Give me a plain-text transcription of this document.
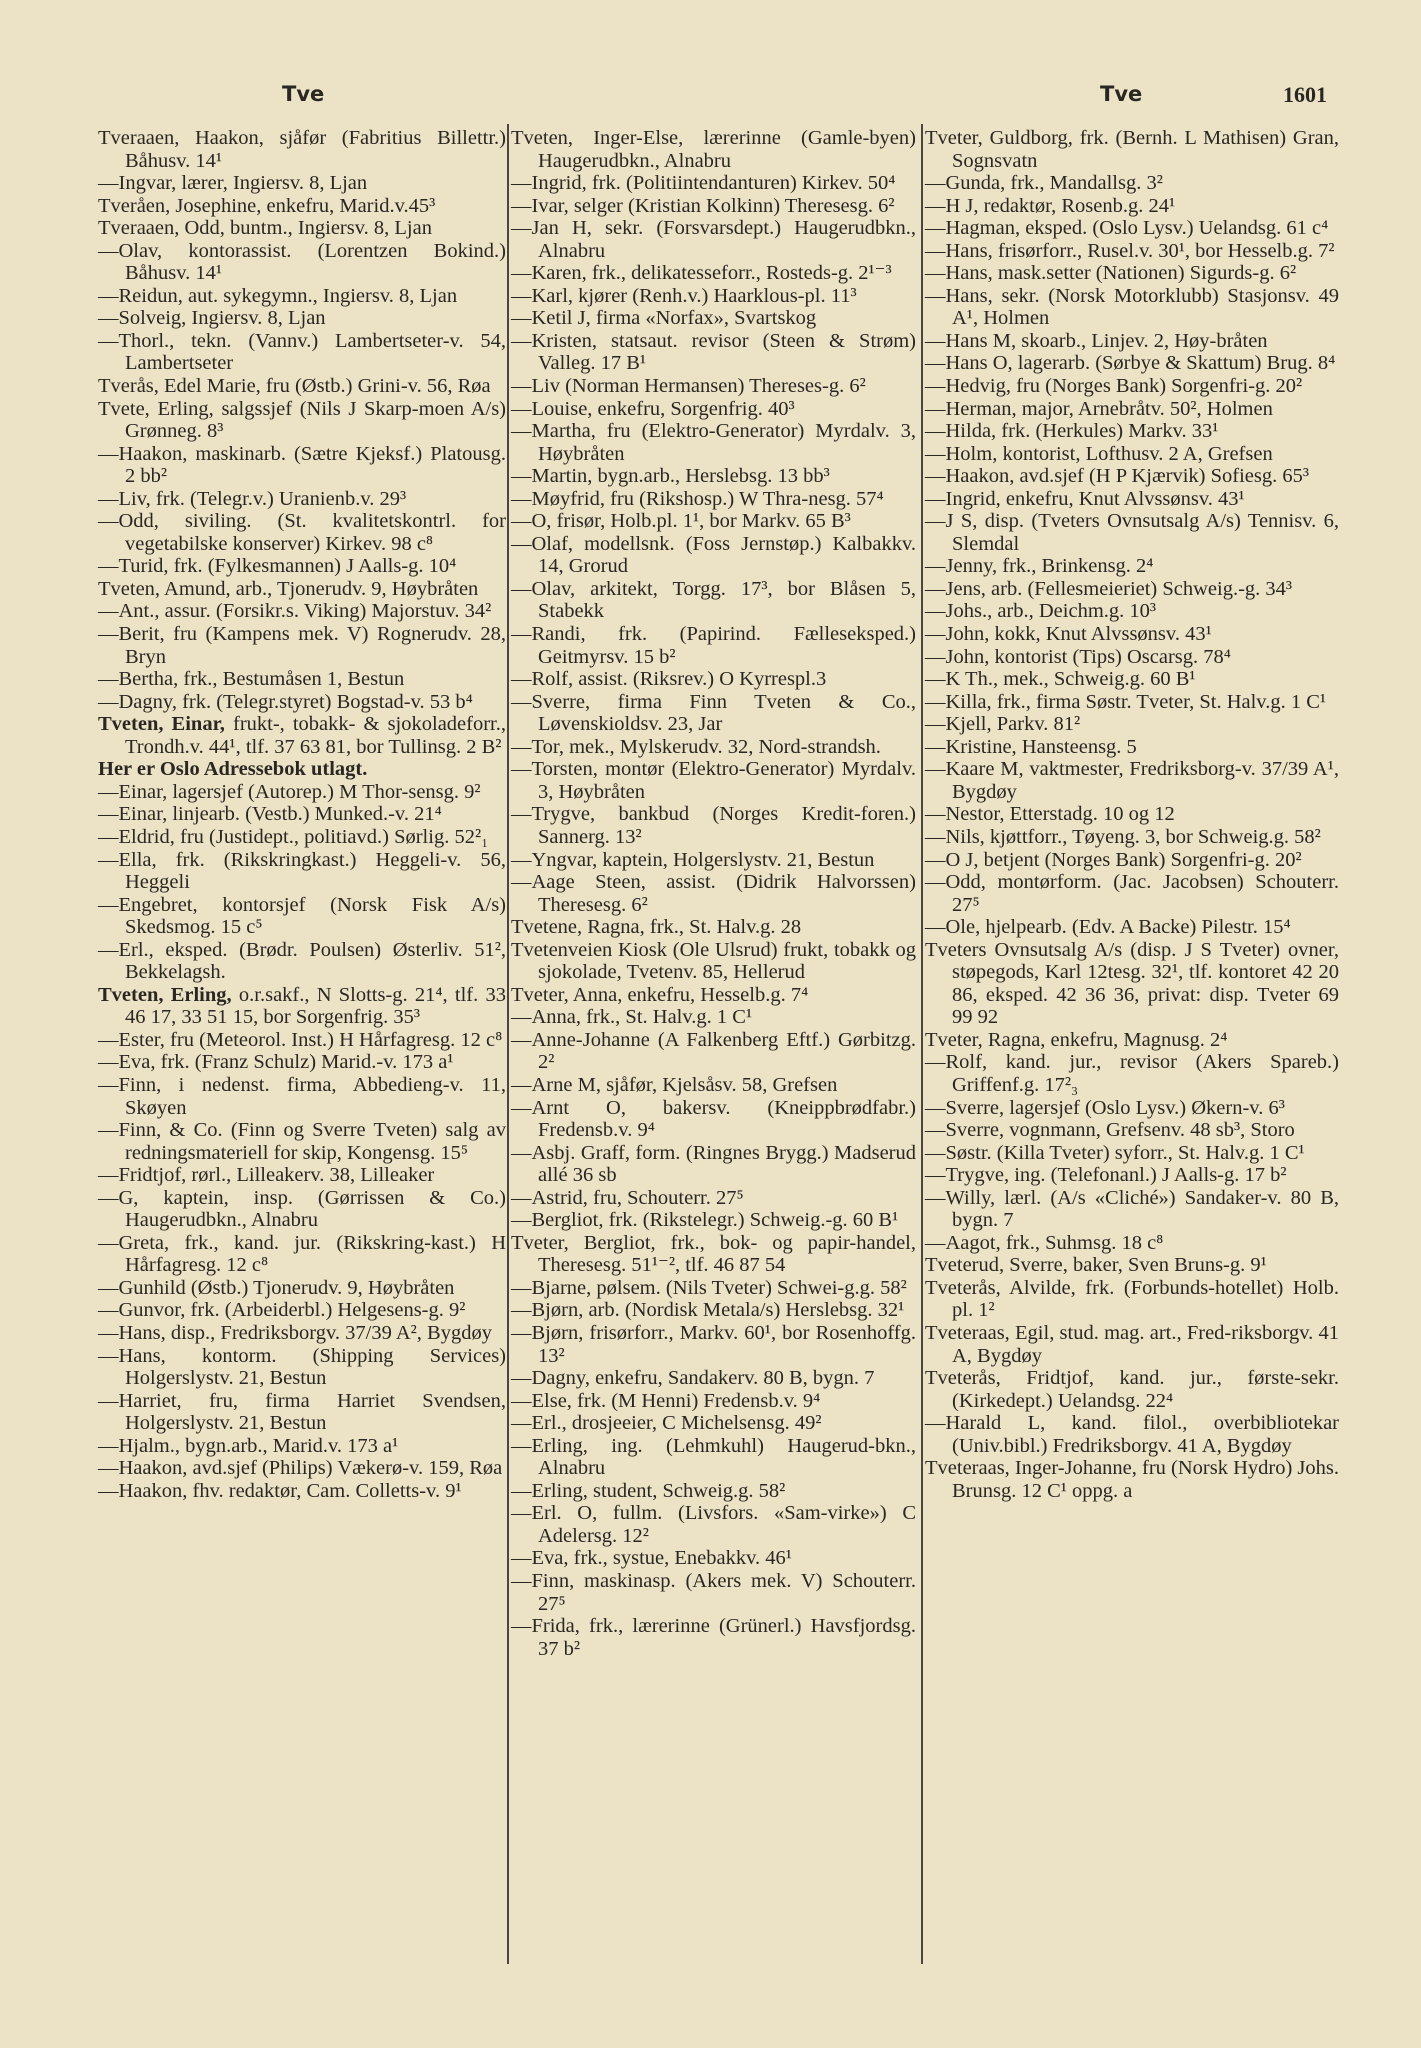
Tve	Tve	1601

Tveraaen, Haakon, sjåfør (Fabritius Billettr.) Båhusv. 14¹

—Ingvar, lærer, Ingiersv. 8, Ljan

Tveråen, Josephine, enkefru, Marid.v.45³

Tveraaen, Odd, buntm., Ingiersv. 8, Ljan

—Olav, kontorassist. (Lorentzen Bokind.) Båhusv. 14¹

—Reidun, aut. sykegymn., Ingiersv. 8, Ljan

—Solveig, Ingiersv. 8, Ljan

—Thorl., tekn. (Vannv.) Lambertseter-v. 54, Lambertseter

Tverås, Edel Marie, fru (Østb.) Grini-v. 56, Røa

Tvete, Erling, salgssjef (Nils J Skarp-moen A/s) Grønneg. 8³

—Haakon, maskinarb. (Sætre Kjeksf.) Platousg. 2 bb²

—Liv, frk. (Telegr.v.) Uranienb.v. 29³

—Odd, siviling. (St. kvalitetskontrl. for vegetabilske konserver) Kirkev. 98 c⁸

—Turid, frk. (Fylkesmannen) J Aalls-g. 10⁴

Tveten, Amund, arb., Tjonerudv. 9, Høybråten

—Ant., assur. (Forsikr.s. Viking) Majorstuv. 34²

—Berit, fru (Kampens mek. V) Rognerudv. 28, Bryn

—Bertha, frk., Bestumåsen 1, Bestun

—Dagny, frk. (Telegr.styret) Bogstad-v. 53 b⁴

Tveten, Einar, frukt-, tobakk- & sjokoladeforr., Trondh.v. 44¹, tlf. 37 63 81, bor Tullinsg. 2 B²

Her er Oslo Adressebok utlagt.

—Einar, lagersjef (Autorep.) M Thor-sensg. 9²

—Einar, linjearb. (Vestb.) Munked.-v. 21⁴

—Eldrid, fru (Justidept., politiavd.) Sørlig. 52²₁

—Ella, frk. (Rikskringkast.) Heggeli-v. 56, Heggeli

—Engebret, kontorsjef (Norsk Fisk A/s) Skedsmog. 15 c⁵

—Erl., eksped. (Brødr. Poulsen) Østerliv. 51², Bekkelagsh.

Tveten, Erling, o.r.sakf., N Slotts-g. 21⁴, tlf. 33 46 17, 33 51 15, bor Sorgenfrig. 35³

—Ester, fru (Meteorol. Inst.) H Hårfagresg. 12 c⁸

—Eva, frk. (Franz Schulz) Marid.-v. 173 a¹

—Finn, i nedenst. firma, Abbedieng-v. 11, Skøyen

—Finn, & Co. (Finn og Sverre Tveten) salg av redningsmateriell for skip, Kongensg. 15⁵

—Fridtjof, rørl., Lilleakerv. 38, Lilleaker

—G, kaptein, insp. (Gørrissen & Co.) Haugerudbkn., Alnabru

—Greta, frk., kand. jur. (Rikskring-kast.) H Hårfagresg. 12 c⁸

—Gunhild (Østb.) Tjonerudv. 9, Høybråten

—Gunvor, frk. (Arbeiderbl.) Helgesens-g. 9²

—Hans, disp., Fredriksborgv. 37/39 A², Bygdøy

—Hans, kontorm. (Shipping Services) Holgerslystv. 21, Bestun

—Harriet, fru, firma Harriet Svendsen, Holgerslystv. 21, Bestun

—Hjalm., bygn.arb., Marid.v. 173 a¹

—Haakon, avd.sjef (Philips) Vækerø-v. 159, Røa

—Haakon, fhv. redaktør, Cam. Colletts-v. 9¹

Tveten, Inger-Else, lærerinne (Gamle-byen) Haugerudbkn., Alnabru

—Ingrid, frk. (Politiintendanturen) Kirkev. 50⁴

—Ivar, selger (Kristian Kolkinn) Theresesg. 6²

—Jan H, sekr. (Forsvarsdept.) Haugerudbkn., Alnabru

—Karen, frk., delikatesseforr., Rosteds-g. 2¹⁻³

—Karl, kjører (Renh.v.) Haarklous-pl. 11³

—Ketil J, firma «Norfax», Svartskog

—Kristen, statsaut. revisor (Steen & Strøm) Valleg. 17 B¹

—Liv (Norman Hermansen) Thereses-g. 6²

—Louise, enkefru, Sorgenfrig. 40³

—Martha, fru (Elektro-Generator) Myrdalv. 3, Høybråten

—Martin, bygn.arb., Herslebsg. 13 bb³

—Møyfrid, fru (Rikshosp.) W Thra-nesg. 57⁴

—O, frisør, Holb.pl. 1¹, bor Markv. 65 B³

—Olaf, modellsnk. (Foss Jernstøp.) Kalbakkv. 14, Grorud

—Olav, arkitekt, Torgg. 17³, bor Blåsen 5, Stabekk

—Randi, frk. (Papirind. Fælleseksped.) Geitmyrsv. 15 b²

—Rolf, assist. (Riksrev.) O Kyrrespl.3

—Sverre, firma Finn Tveten & Co., Løvenskioldsv. 23, Jar

—Tor, mek., Mylskerudv. 32, Nord-strandsh.

—Torsten, montør (Elektro-Generator) Myrdalv. 3, Høybråten

—Trygve, bankbud (Norges Kredit-foren.) Sannerg. 13²

—Yngvar, kaptein, Holgerslystv. 21, Bestun

—Aage Steen, assist. (Didrik Halvorssen) Theresesg. 6²

Tvetene, Ragna, frk., St. Halv.g. 28

Tvetenveien Kiosk (Ole Ulsrud) frukt, tobakk og sjokolade, Tvetenv. 85, Hellerud

Tveter, Anna, enkefru, Hesselb.g. 7⁴

—Anna, frk., St. Halv.g. 1 C¹

—Anne-Johanne (A Falkenberg Eftf.) Gørbitzg. 2²

—Arne M, sjåfør, Kjelsåsv. 58, Grefsen

—Arnt O, bakersv. (Kneippbrødfabr.) Fredensb.v. 9⁴

—Asbj. Graff, form. (Ringnes Brygg.) Madserud allé 36 sb

—Astrid, fru, Schouterr. 27⁵

—Bergliot, frk. (Rikstelegr.) Schweig.-g. 60 B¹

Tveter, Bergliot, frk., bok- og papir-handel, Theresesg. 51¹⁻², tlf. 46 87 54

—Bjarne, pølsem. (Nils Tveter) Schwei-g.g. 58²

—Bjørn, arb. (Nordisk Metala/s) Herslebsg. 32¹

—Bjørn, frisørforr., Markv. 60¹, bor Rosenhoffg. 13²

—Dagny, enkefru, Sandakerv. 80 B, bygn. 7

—Else, frk. (M Henni) Fredensb.v. 9⁴

—Erl., drosjeeier, C Michelsensg. 49²

—Erling, ing. (Lehmkuhl) Haugerud-bkn., Alnabru

—Erling, student, Schweig.g. 58²

—Erl. O, fullm. (Livsfors. «Sam-virke») C Adelersg. 12²

—Eva, frk., systue, Enebakkv. 46¹

—Finn, maskinasp. (Akers mek. V) Schouterr. 27⁵

—Frida, frk., lærerinne (Grünerl.) Havsfjordsg. 37 b²

Tveter, Guldborg, frk. (Bernh. L Mathisen) Gran, Sognsvatn

—Gunda, frk., Mandallsg. 3²

—H J, redaktør, Rosenb.g. 24¹

—Hagman, eksped. (Oslo Lysv.) Uelandsg. 61 c⁴

—Hans, frisørforr., Rusel.v. 30¹, bor Hesselb.g. 7²

—Hans, mask.setter (Nationen) Sigurds-g. 6²

—Hans, sekr. (Norsk Motorklubb) Stasjonsv. 49 A¹, Holmen

—Hans M, skoarb., Linjev. 2, Høy-bråten

—Hans O, lagerarb. (Sørbye & Skattum) Brug. 8⁴

—Hedvig, fru (Norges Bank) Sorgenfri-g. 20²

—Herman, major, Arnebråtv. 50², Holmen

—Hilda, frk. (Herkules) Markv. 33¹

—Holm, kontorist, Lofthusv. 2 A, Grefsen

—Haakon, avd.sjef (H P Kjærvik) Sofiesg. 65³

—Ingrid, enkefru, Knut Alvssønsv. 43¹

—J S, disp. (Tveters Ovnsutsalg A/s) Tennisv. 6, Slemdal

—Jenny, frk., Brinkensg. 2⁴

—Jens, arb. (Fellesmeieriet) Schweig.-g. 34³

—Johs., arb., Deichm.g. 10³

—John, kokk, Knut Alvssønsv. 43¹

—John, kontorist (Tips) Oscarsg. 78⁴

—K Th., mek., Schweig.g. 60 B¹

—Killa, frk., firma Søstr. Tveter, St. Halv.g. 1 C¹

—Kjell, Parkv. 81²

—Kristine, Hansteensg. 5

—Kaare M, vaktmester, Fredriksborg-v. 37/39 A¹, Bygdøy

—Nestor, Etterstadg. 10 og 12

—Nils, kjøttforr., Tøyeng. 3, bor Schweig.g. 58²

—O J, betjent (Norges Bank) Sorgenfri-g. 20²

—Odd, montørform. (Jac. Jacobsen) Schouterr. 27⁵

—Ole, hjelpearb. (Edv. A Backe) Pilestr. 15⁴

Tveters Ovnsutsalg A/s (disp. J S Tveter) ovner, støpegods, Karl 12tesg. 32¹, tlf. kontoret 42 20 86, eksped. 42 36 36, privat: disp. Tveter 69 99 92

Tveter, Ragna, enkefru, Magnusg. 2⁴

—Rolf, kand. jur., revisor (Akers Spareb.) Griffenf.g. 17²₃

—Sverre, lagersjef (Oslo Lysv.) Økern-v. 6³

—Sverre, vognmann, Grefsenv. 48 sb³, Storo

—Søstr. (Killa Tveter) syforr., St. Halv.g. 1 C¹

—Trygve, ing. (Telefonanl.) J Aalls-g. 17 b²

—Willy, lærl. (A/s «Cliché») Sandaker-v. 80 B, bygn. 7

—Aagot, frk., Suhmsg. 18 c⁸

Tveterud, Sverre, baker, Sven Bruns-g. 9¹

Tveterås, Alvilde, frk. (Forbunds-hotellet) Holb. pl. 1²

Tveteraas, Egil, stud. mag. art., Fred-riksborgv. 41 A, Bygdøy

Tveterås, Fridtjof, kand. jur., første-sekr. (Kirkedept.) Uelandsg. 22⁴

—Harald L, kand. filol., overbibliotekar (Univ.bibl.) Fredriksborgv. 41 A, Bygdøy

Tveteraas, Inger-Johanne, fru (Norsk Hydro) Johs. Brunsg. 12 C¹ oppg. a
